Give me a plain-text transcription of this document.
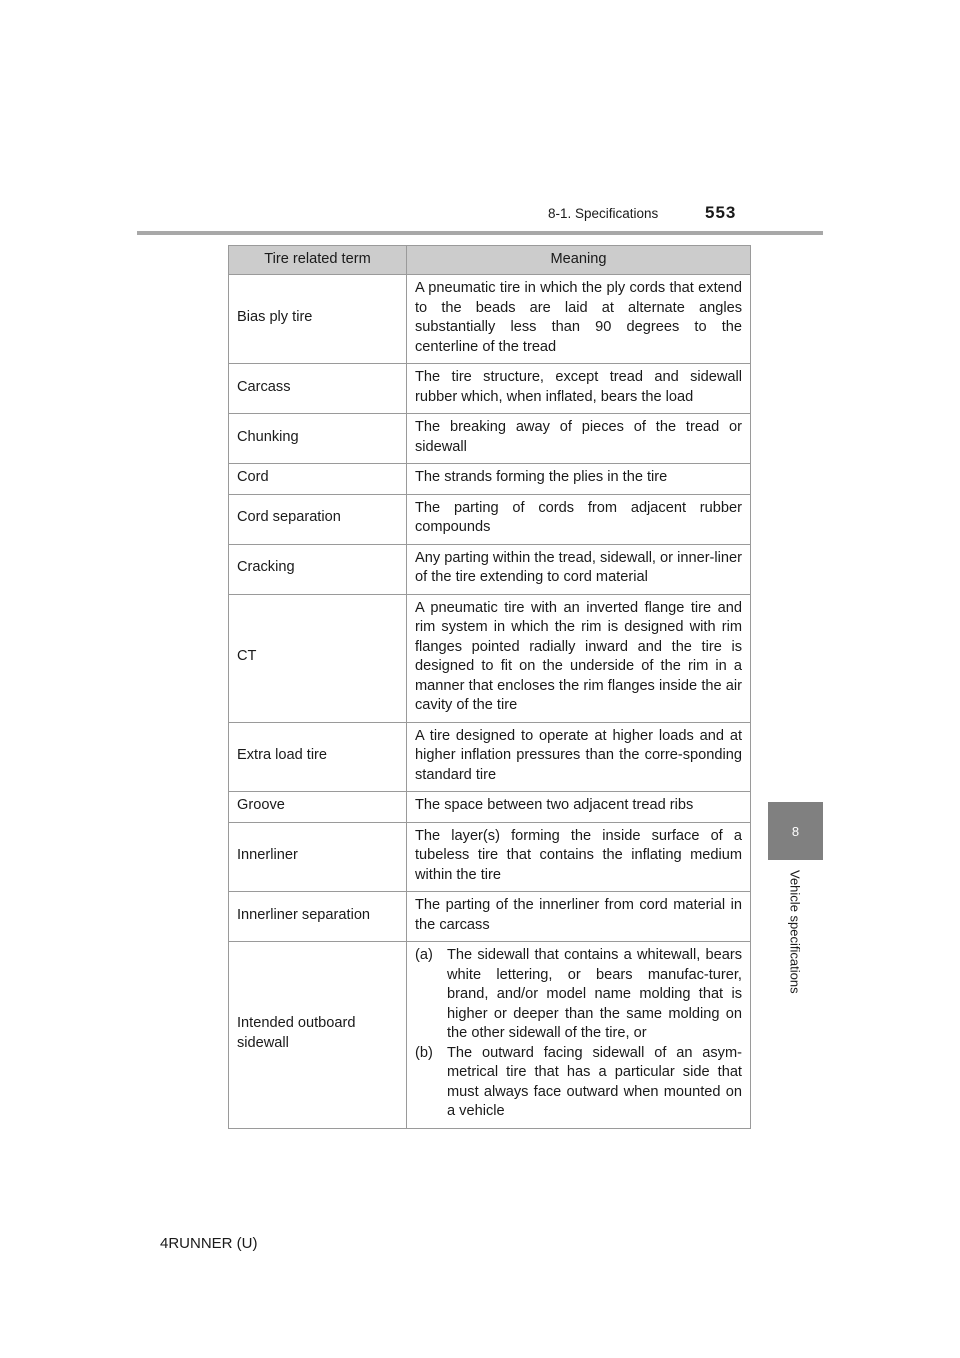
8-1. Specifications	553
8
Vehicle specifications
Tire related term	Meaning
Bias ply tire	A pneumatic tire in which the ply cords that extend to the beads are laid at alternate angles substantially less than 90 degrees to the centerline of the tread
Carcass	The tire structure, except tread and sidewall rubber which, when inflated, bears the load
Chunking	The breaking away of pieces of the tread or sidewall
Cord	The strands forming the plies in the tire
Cord separation	The parting of cords from adjacent rubber compounds
Cracking	Any parting within the tread, sidewall, or inner-liner of the tire extending to cord material
CT	A pneumatic tire with an inverted flange tire and rim system in which the rim is designed with rim flanges pointed radially inward and the tire is designed to fit on the underside of the rim in a manner that encloses the rim flanges inside the air cavity of the tire
Extra load tire	A tire designed to operate at higher loads and at higher inflation pressures than the corre-sponding standard tire
Groove	The space between two adjacent tread ribs
Innerliner	The layer(s) forming the inside surface of a tubeless tire that contains the inflating medium within the tire
Innerliner separation	The parting of the innerliner from cord material in the carcass
Intended outboard sidewall	(a) The sidewall that contains a whitewall, bears white lettering, or bears manufac-turer, brand, and/or model name molding that is higher or deeper than the same molding on the other sidewall of the tire, or
(b) The outward facing sidewall of an asym-metrical tire that has a particular side that must always face outward when mounted on a vehicle
4RUNNER (U)
